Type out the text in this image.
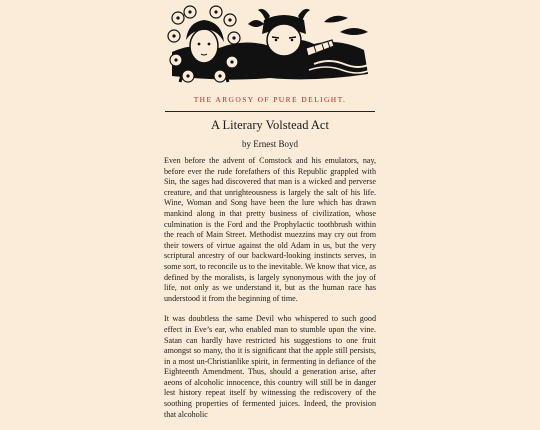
THE ARGOSY OF PURE DELIGHT.
A Literary Volstead Act
by Ernest Boyd

Even before the advent of Comstock and his emulators, nay, before ever the rude forefathers of this Republic grappled with Sin, the sages had discovered that man is a wicked and perverse creature, and that unrighteousness is largely the salt of his life. Wine, Woman and Song have been the lure which has drawn mankind along in that pretty business of civilization, whose culmination is the Ford and the Prophylactic toothbrush within the reach of Main Street. Methodist muezzins may cry out from their towers of virtue against the old Adam in us, but the very scriptural ancestry of our backward-looking instincts serves, in some sort, to reconcile us to the inevitable. We know that vice, as defined by the moralists, is largely synonymous with the joy of life, not only as we understand it, but as the human race has understood it from the beginning of time.

It was doubtless the same Devil who whispered to such good effect in Eve’s ear, who enabled man to stumble upon the vine. Satan can hardly have restricted his suggestions to one fruit amongst so many, tho it is significant that the apple still persists, in a most un-Christianlike spirit, in fermenting in defiance of the Eighteenth Amendment. Thus, should a generation arise, after aeons of alcoholic innocence, this country will still be in danger lest history repeat itself by witnessing the rediscovery of the soothing properties of fermented juices. Indeed, the provision that alcoholic
